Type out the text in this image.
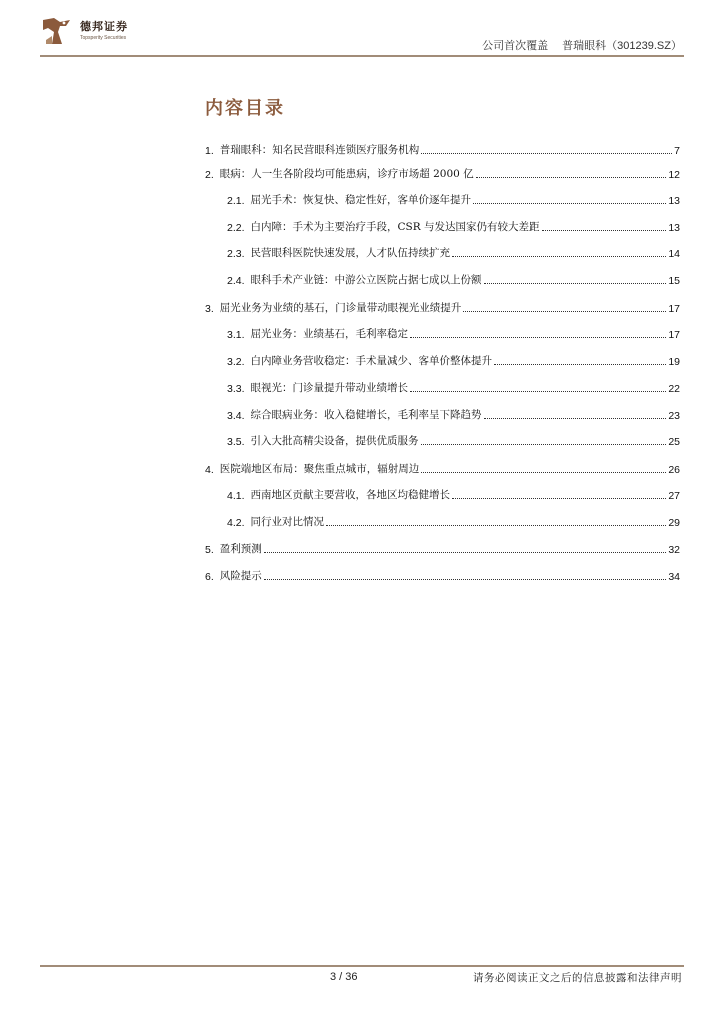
德邦证券
Topsperity Securities
公司首次覆盖 普瑞眼科（301239.SZ）
内容目录
1. 普瑞眼科：知名民营眼科连锁医疗服务机构	7
2. 眼病：人一生各阶段均可能患病，诊疗市场超 2000 亿	12
2.1. 屈光手术：恢复快、稳定性好，客单价逐年提升	13
2.2. 白内障：手术为主要治疗手段，CSR 与发达国家仍有较大差距	13
2.3. 民营眼科医院快速发展，人才队伍持续扩充	14
2.4. 眼科手术产业链：中游公立医院占据七成以上份额	15
3. 屈光业务为业绩的基石，门诊量带动眼视光业绩提升	17
3.1. 屈光业务：业绩基石，毛利率稳定	17
3.2. 白内障业务营收稳定：手术量减少、客单价整体提升	19
3.3. 眼视光：门诊量提升带动业绩增长	22
3.4. 综合眼病业务：收入稳健增长，毛利率呈下降趋势	23
3.5. 引入大批高精尖设备，提供优质服务	25
4. 医院端地区布局：聚焦重点城市，辐射周边	26
4.1. 西南地区贡献主要营收，各地区均稳健增长	27
4.2. 同行业对比情况	29
5. 盈利预测	32
6. 风险提示	34
3 / 36	请务必阅读正文之后的信息披露和法律声明
